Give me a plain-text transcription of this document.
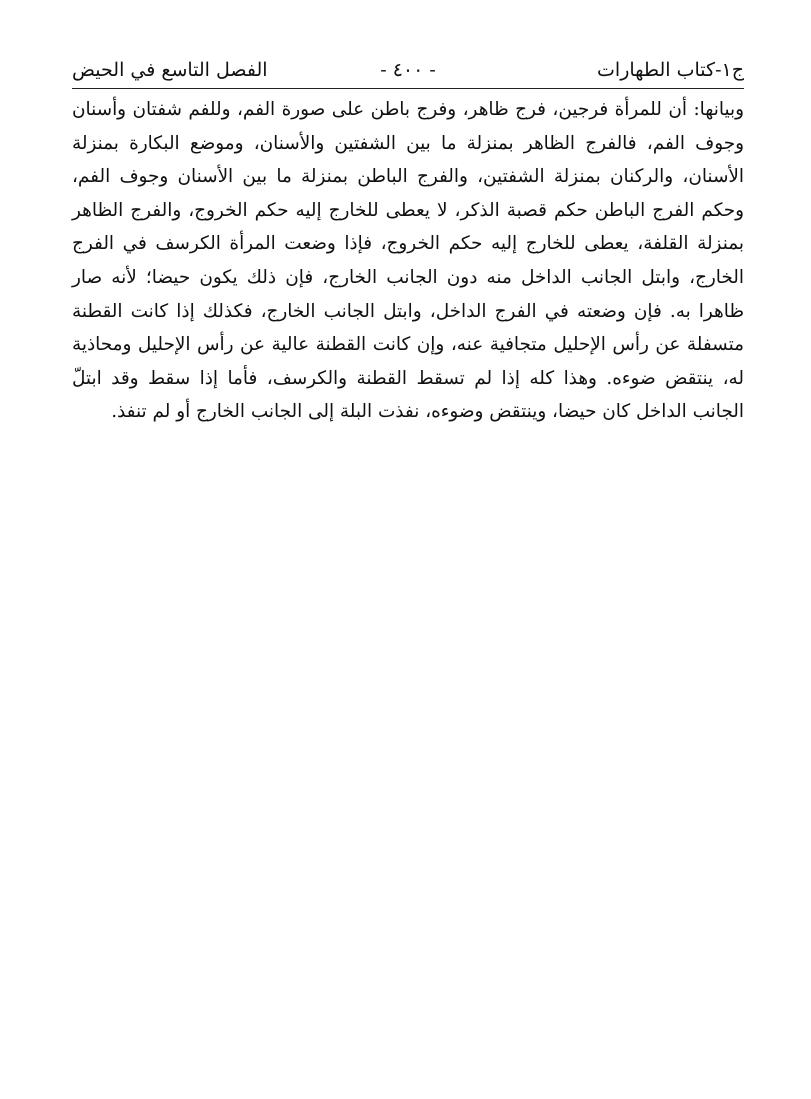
ج١-كتاب الطهارات
- ٤٠٠ -
الفصل التاسع في الحيض

وبيانها: أن للمرأة فرجين، فرج ظاهر، وفرج باطن على صورة الفم، وللفم شفتان وأسنان وجوف الفم، فالفرج الظاهر بمنزلة ما بين الشفتين والأسنان، وموضع البكارة بمنزلة الأسنان، والركنان بمنزلة الشفتين، والفرج الباطن بمنزلة ما بين الأسنان وجوف الفم، وحكم الفرج الباطن حكم قصبة الذكر، لا يعطى للخارج إليه حكم الخروج، والفرج الظاهر بمنزلة القلفة، يعطى للخارج إليه حكم الخروج، فإذا وضعت المرأة الكرسف في الفرج الخارج، وابتل الجانب الداخل منه دون الجانب الخارج، فإن ذلك يكون حيضا؛ لأنه صار ظاهرا به. فإن وضعته في الفرج الداخل، وابتل الجانب الخارج، فكذلك إذا كانت القطنة متسفلة عن رأس الإحليل متجافية عنه، وإن كانت القطنة عالية عن رأس الإحليل ومحاذية له، ينتقض ضوءه. وهذا كله إذا لم تسقط القطنة والكرسف، فأما إذا سقط وقد ابتلّ الجانب الداخل كان حيضا، وينتقض وضوءه، نفذت البلة إلى الجانب الخارج أو لم تنفذ.
